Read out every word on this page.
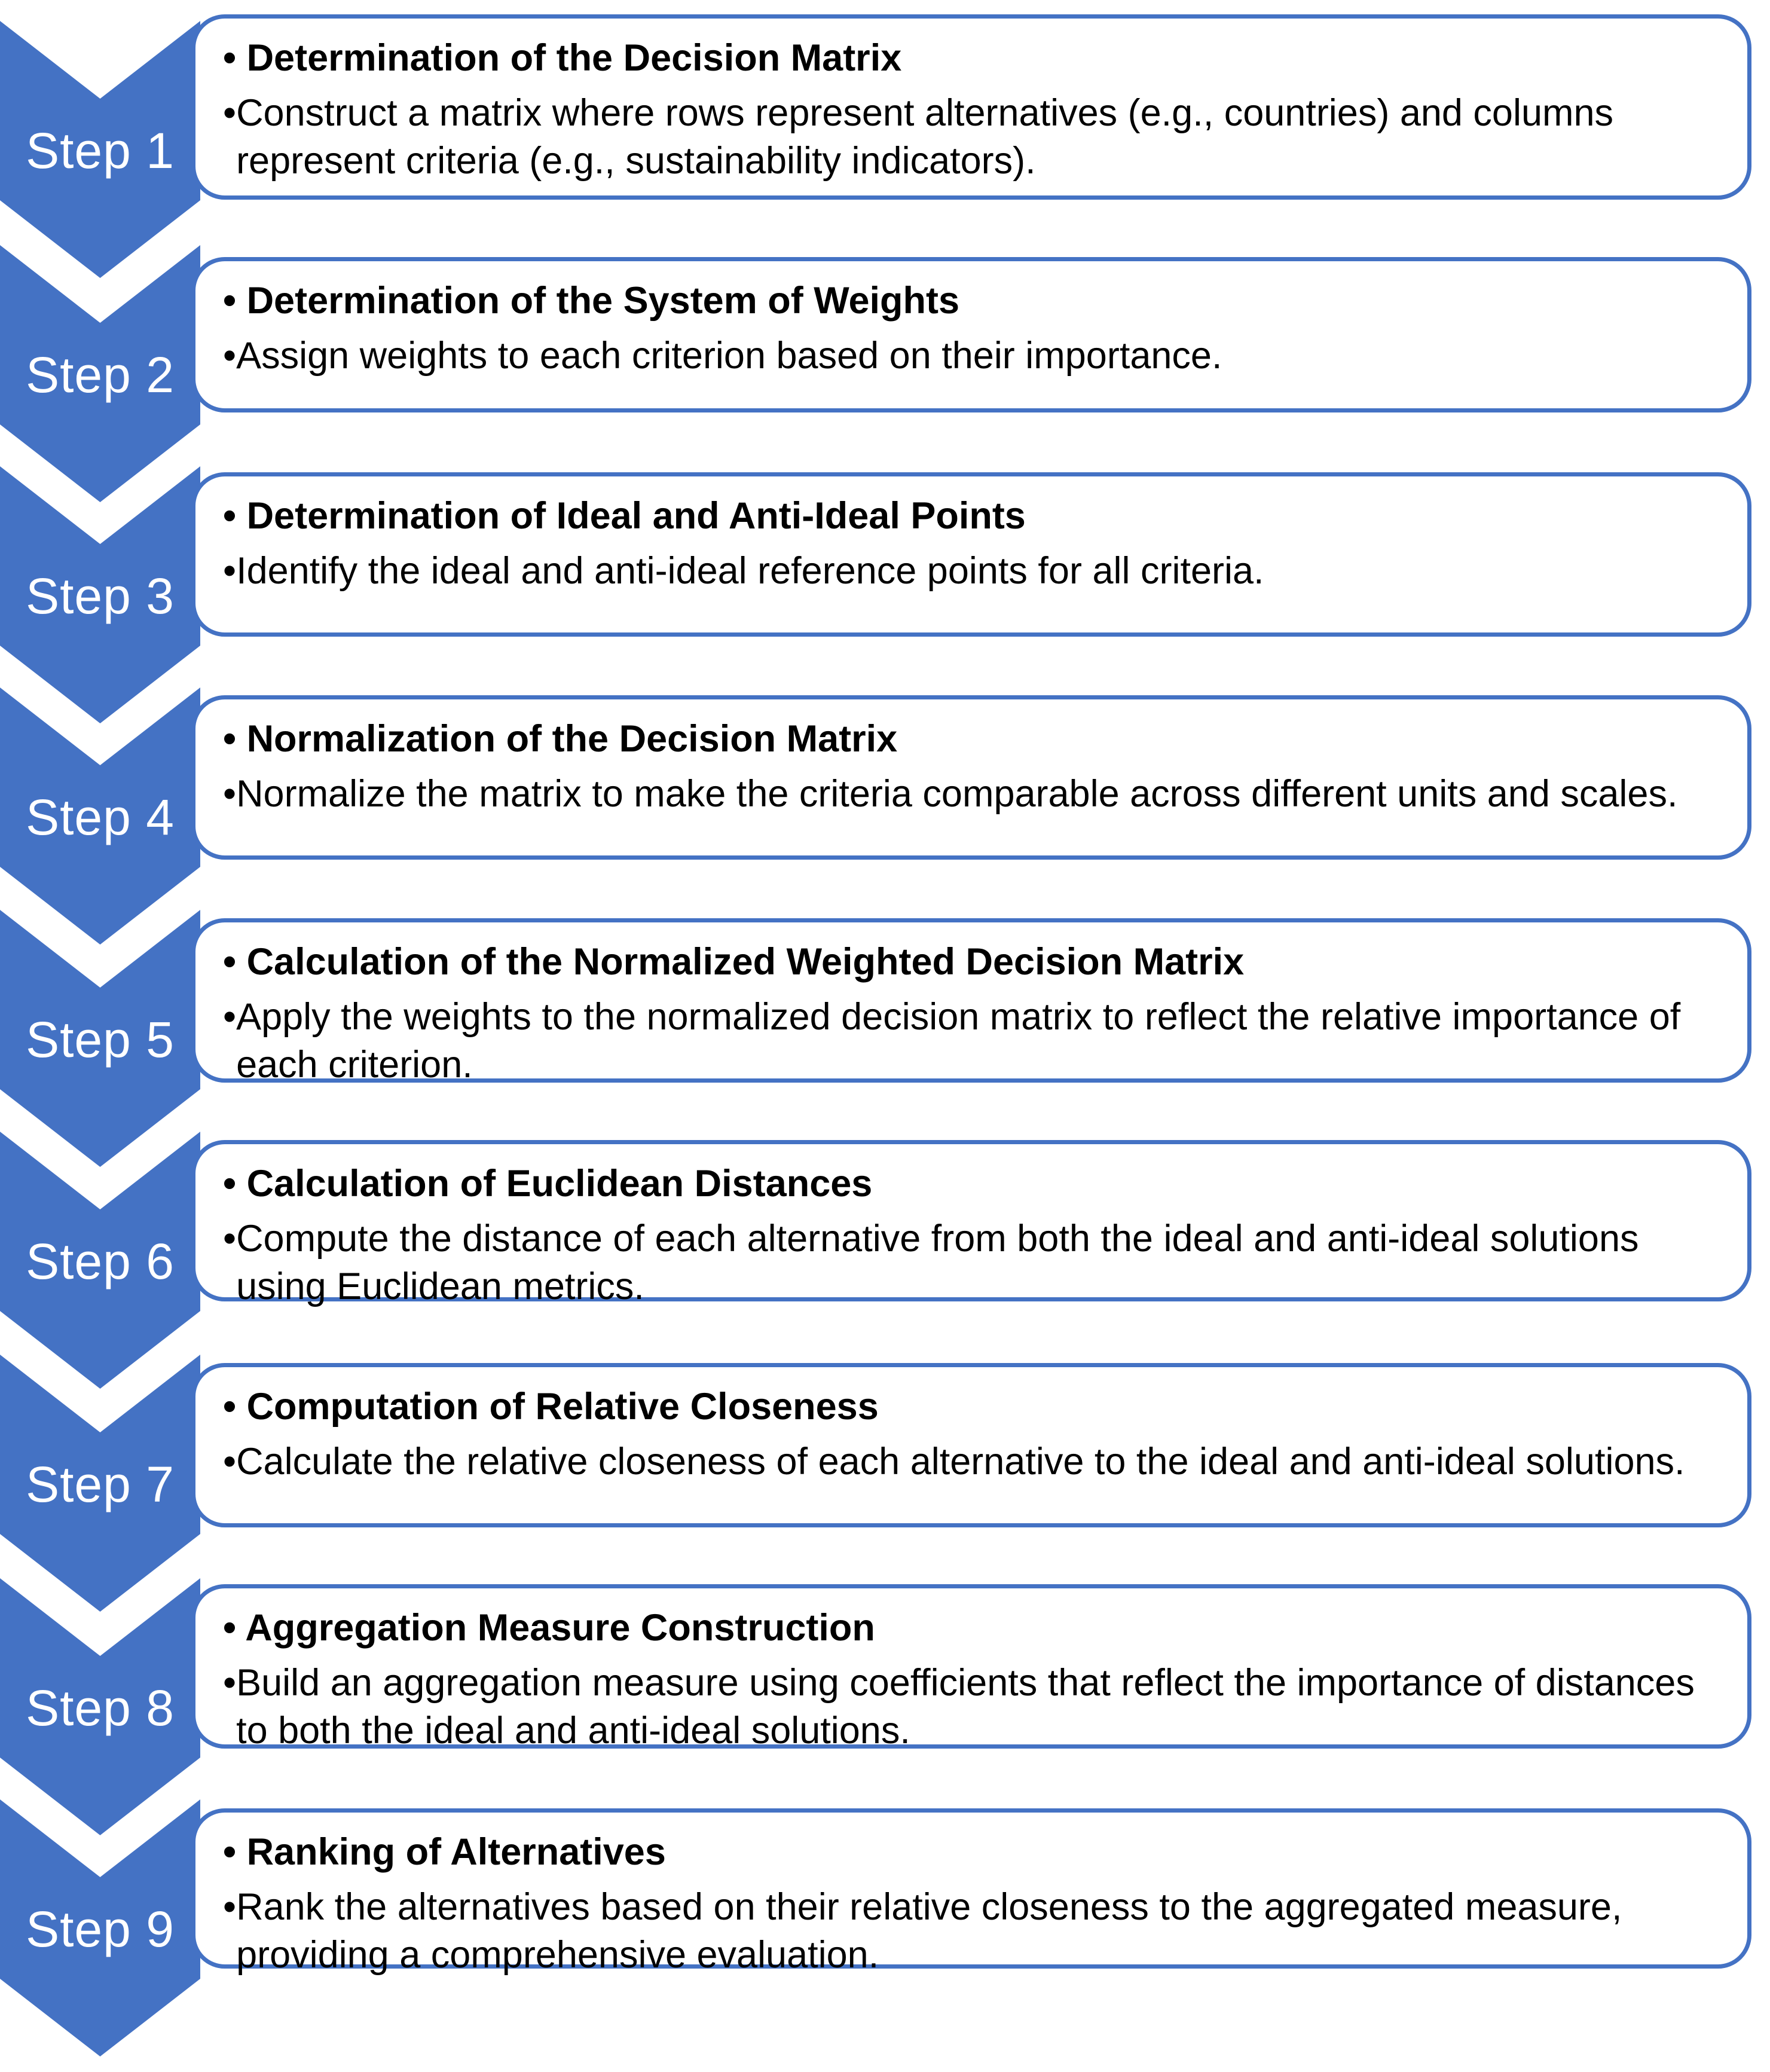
Step 1
• Determination of the Decision Matrix
• Construct a matrix where rows represent alternatives (e.g., countries) and columns represent criteria (e.g., sustainability indicators).
Step 2
• Determination of the System of Weights
• Assign weights to each criterion based on their importance.
Step 3
• Determination of Ideal and Anti-Ideal Points
• Identify the ideal and anti-ideal reference points for all criteria.
Step 4
• Normalization of the Decision Matrix
• Normalize the matrix to make the criteria comparable across different units and scales.
Step 5
• Calculation of the Normalized Weighted Decision Matrix
• Apply the weights to the normalized decision matrix to reflect the relative importance of each criterion.
Step 6
• Calculation of Euclidean Distances
• Compute the distance of each alternative from both the ideal and anti-ideal solutions using Euclidean metrics.
Step 7
• Computation of Relative Closeness
• Calculate the relative closeness of each alternative to the ideal and anti-ideal solutions.
Step 8
• Aggregation Measure Construction
• Build an aggregation measure using coefficients that reflect the importance of distances to both the ideal and anti-ideal solutions.
Step 9
• Ranking of Alternatives
• Rank the alternatives based on their relative closeness to the aggregated measure, providing a comprehensive evaluation.
